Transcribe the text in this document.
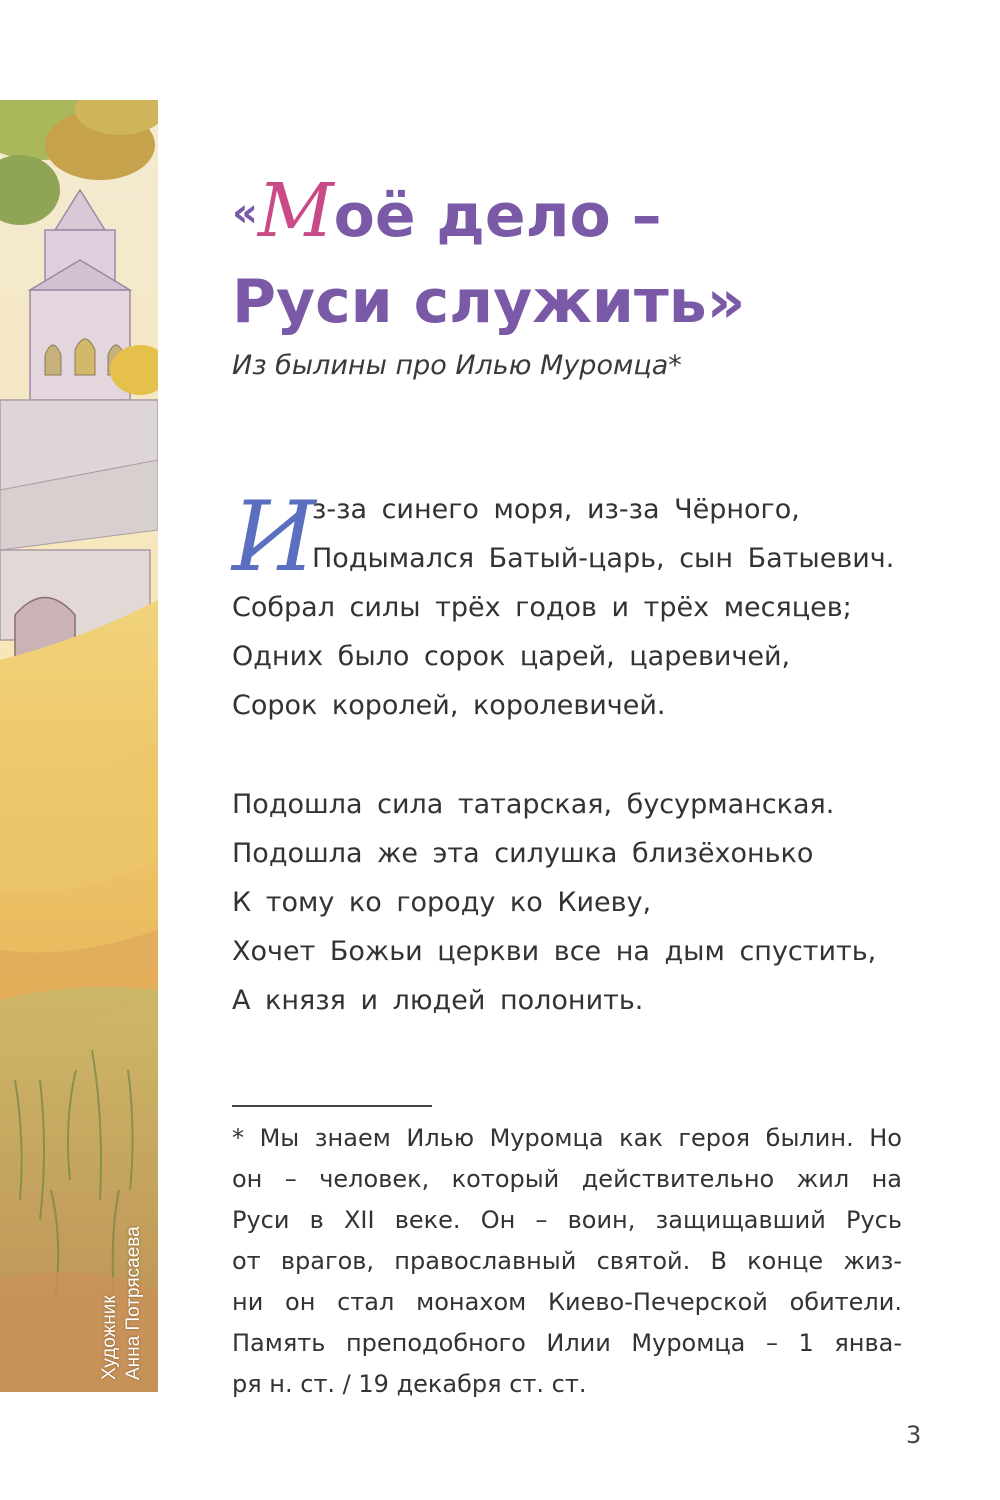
Художник Анна Потрясаева
«Моё дело –
Руси служить»
Из былины про Илью Муромца*
И
з-за синего моря, из-за Чёрного,
Подымался Батый-царь, сын Батыевич.
Собрал силы трёх годов и трёх месяцев;
Одних было сорок царей, царевичей,
Сорок королей, королевичей.
Подошла сила татарская, бусурманская.
Подошла же эта силушка близёхонько
К тому ко городу ко Киеву,
Хочет Божьи церкви все на дым спустить,
А князя и людей полонить.
* Мы знаем Илью Муромца как героя былин. Но
он – человек, который действительно жил на
Руси в XII веке. Он – воин, защищавший Русь
от врагов, православный святой. В конце жиз-
ни он стал монахом Киево-Печерской обители.
Память преподобного Илии Муромца – 1 янва-
ря н. ст. / 19 декабря ст. ст.
3
